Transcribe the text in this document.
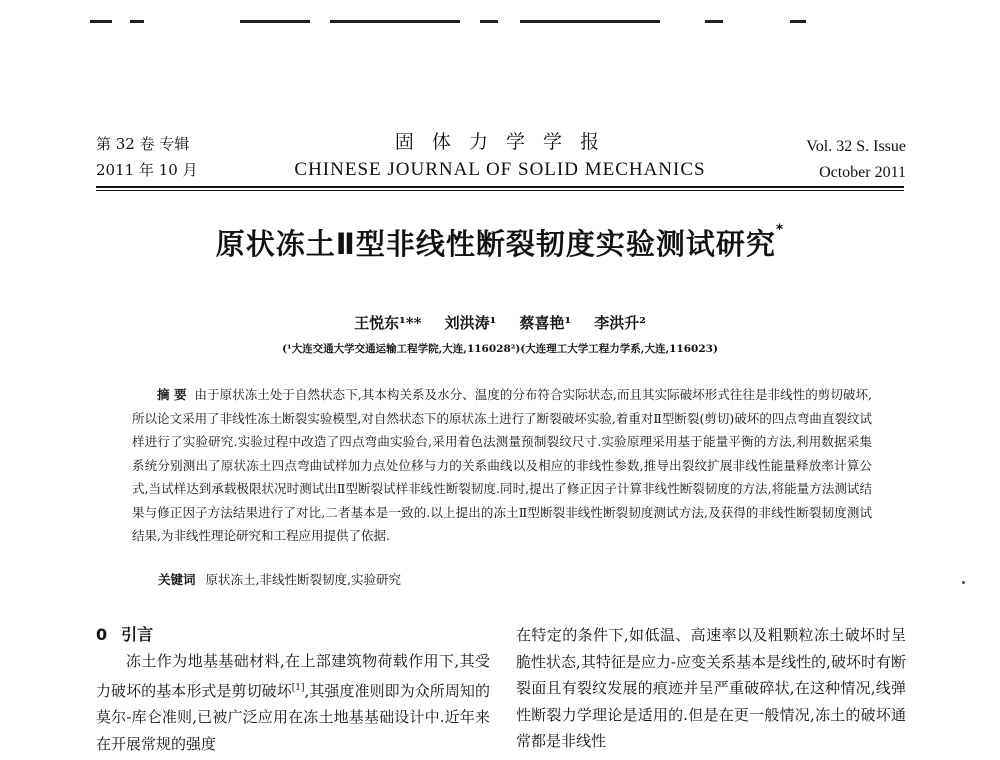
第 32 卷 专辑
2011 年 10 月
固 体 力 学 学 报
CHINESE JOURNAL OF SOLID MECHANICS
Vol. 32 S. Issue
October 2011
原状冻土Ⅱ型非线性断裂韧度实验测试研究*
王悦东¹** 刘洪涛¹ 蔡喜艳¹ 李洪升²
(¹大连交通大学交通运输工程学院,大连,116028²)(大连理工大学工程力学系,大连,116023)
摘 要 由于原状冻土处于自然状态下,其本构关系及水分、温度的分布符合实际状态,而且其实际破坏形式往往是非线性的剪切破坏,所以论文采用了非线性冻土断裂实验模型,对自然状态下的原状冻土进行了断裂破坏实验,着重对Ⅱ型断裂(剪切)破坏的四点弯曲直裂纹试样进行了实验研究.实验过程中改造了四点弯曲实验台,采用着色法测量预制裂纹尺寸.实验原理采用基于能量平衡的方法,利用数据采集系统分别测出了原状冻土四点弯曲试样加力点处位移与力的关系曲线以及相应的非线性参数,推导出裂纹扩展非线性能量释放率计算公式,当试样达到承载极限状况时测试出Ⅱ型断裂试样非线性断裂韧度.同时,提出了修正因子计算非线性断裂韧度的方法,将能量方法测试结果与修正因子方法结果进行了对比,二者基本是一致的.以上提出的冻土Ⅱ型断裂非线性断裂韧度测试方法,及获得的非线性断裂韧度测试结果,为非线性理论研究和工程应用提供了依据.
关键词 原状冻土,非线性断裂韧度,实验研究
0 引言
冻土作为地基基础材料,在上部建筑物荷载作用下,其受力破坏的基本形式是剪切破坏[1],其强度准则即为众所周知的莫尔-库仑准则,已被广泛应用在冻土地基基础设计中.近年来在开展常规的强度
在特定的条件下,如低温、高速率以及粗颗粒冻土破坏时呈脆性状态,其特征是应力-应变关系基本是线性的,破坏时有断裂面且有裂纹发展的痕迹并呈严重破碎状,在这种情况,线弹性断裂力学理论是适用的.但是在更一般情况,冻土的破坏通常都是非线性
